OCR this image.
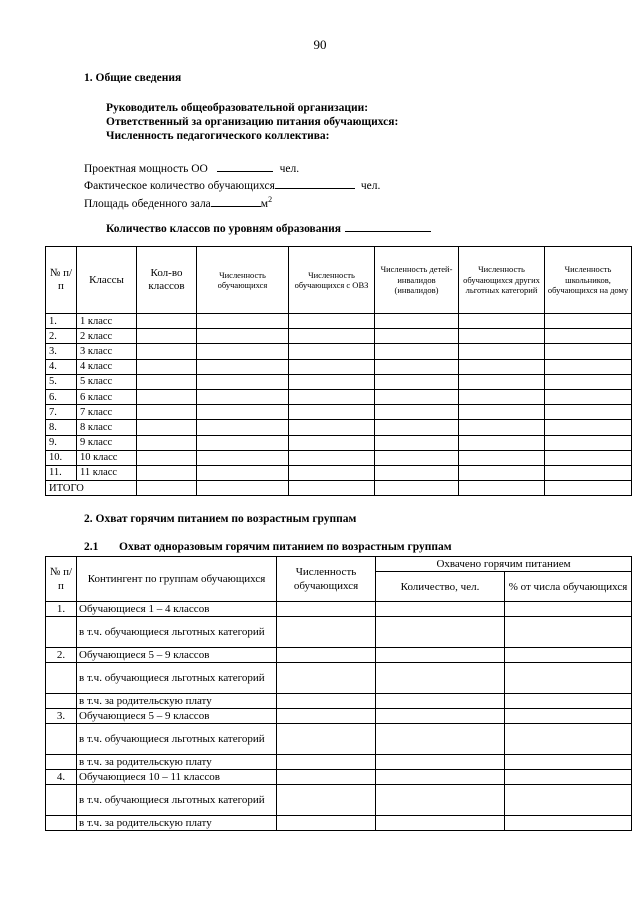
90
1. Общие сведения
Руководитель общеобразовательной организации:
Ответственный за организацию питания обучающихся:
Численность педагогического коллектива:
Проектная мощность ОО	чел.
Фактическое количество обучающихся	чел.
Площадь обеденного зала	$м^2$
Количество классов по уровням образования
№ п/п	Классы	Кол-во классов	Численность обучающихся	Численность обучающихся с ОВЗ	Численность детей-инвалидов (инвалидов)	Численность обучающихся других льготных категорий	Численность школьников, обучающихся на дому
1.	1 класс						
2.	2 класс						
3.	3 класс						
4.	4 класс						
5.	5 класс						
6.	6 класс						
7.	7 класс						
8.	8 класс						
9.	9 класс						
10.	10 класс						
11.	11 класс						
ИТОГО							
2. Охват горячим питанием по возрастным группам
2.1 Охват одноразовым горячим питанием по возрастным группам
№ п/п	Контингент по группам обучающихся	Численность обучающихся	Охвачено горячим питанием	
			Количество, чел.	% от числа обучающихся
1.	Обучающиеся 1 – 4 классов			
	в т.ч. обучающиеся льготных категорий			
2.	Обучающиеся 5 – 9 классов			
	в т.ч. обучающиеся льготных категорий			
	в т.ч. за родительскую плату			
3.	Обучающиеся 5 – 9 классов			
	в т.ч. обучающиеся льготных категорий			
	в т.ч. за родительскую плату			
4.	Обучающиеся 10 – 11 классов			
	в т.ч. обучающиеся льготных категорий			
	в т.ч. за родительскую плату			
